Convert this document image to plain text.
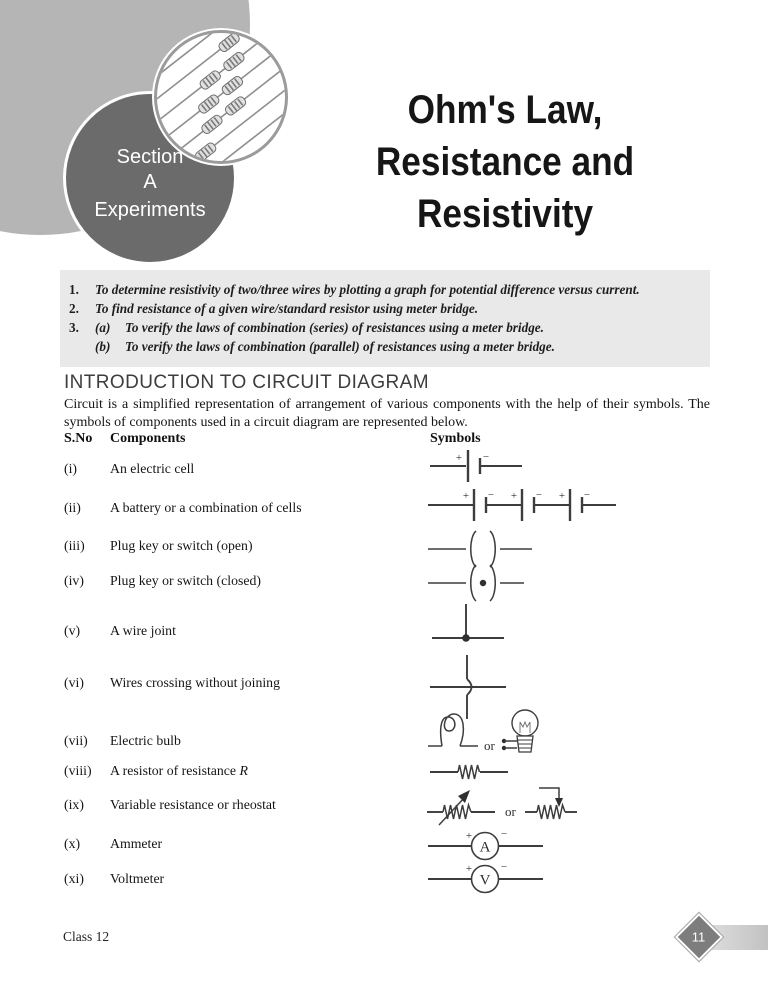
Section
A
Experiments
Ohm's Law,
Resistance and
Resistivity
1.	To determine resistivity of two/three wires by plotting a graph for potential difference versus current.
2.	To find resistance of a given wire/standard resistor using meter bridge.
3.	(a)	To verify the laws of combination (series) of resistances using a meter bridge.
(b)	To verify the laws of combination (parallel) of resistances using a meter bridge.
INTRODUCTION TO CIRCUIT DIAGRAM

Circuit is a simplified representation of arrangement of various components with the help of their symbols. The symbols of components used in a circuit diagram are represented below.

S.No Components	Symbols
(i) An electric cell
(ii) A battery or a combination of cells
(iii) Plug key or switch (open)
(iv) Plug key or switch (closed)
(v) A wire joint
(vi) Wires crossing without joining
(vii) Electric bulb
(viii) A resistor of resistance R
(ix) Variable resistance or rheostat
(x) Ammeter
(xi) Voltmeter
+ −
+ − + − + −
or
or
A
+	−
V
+	−
Class 12	11
